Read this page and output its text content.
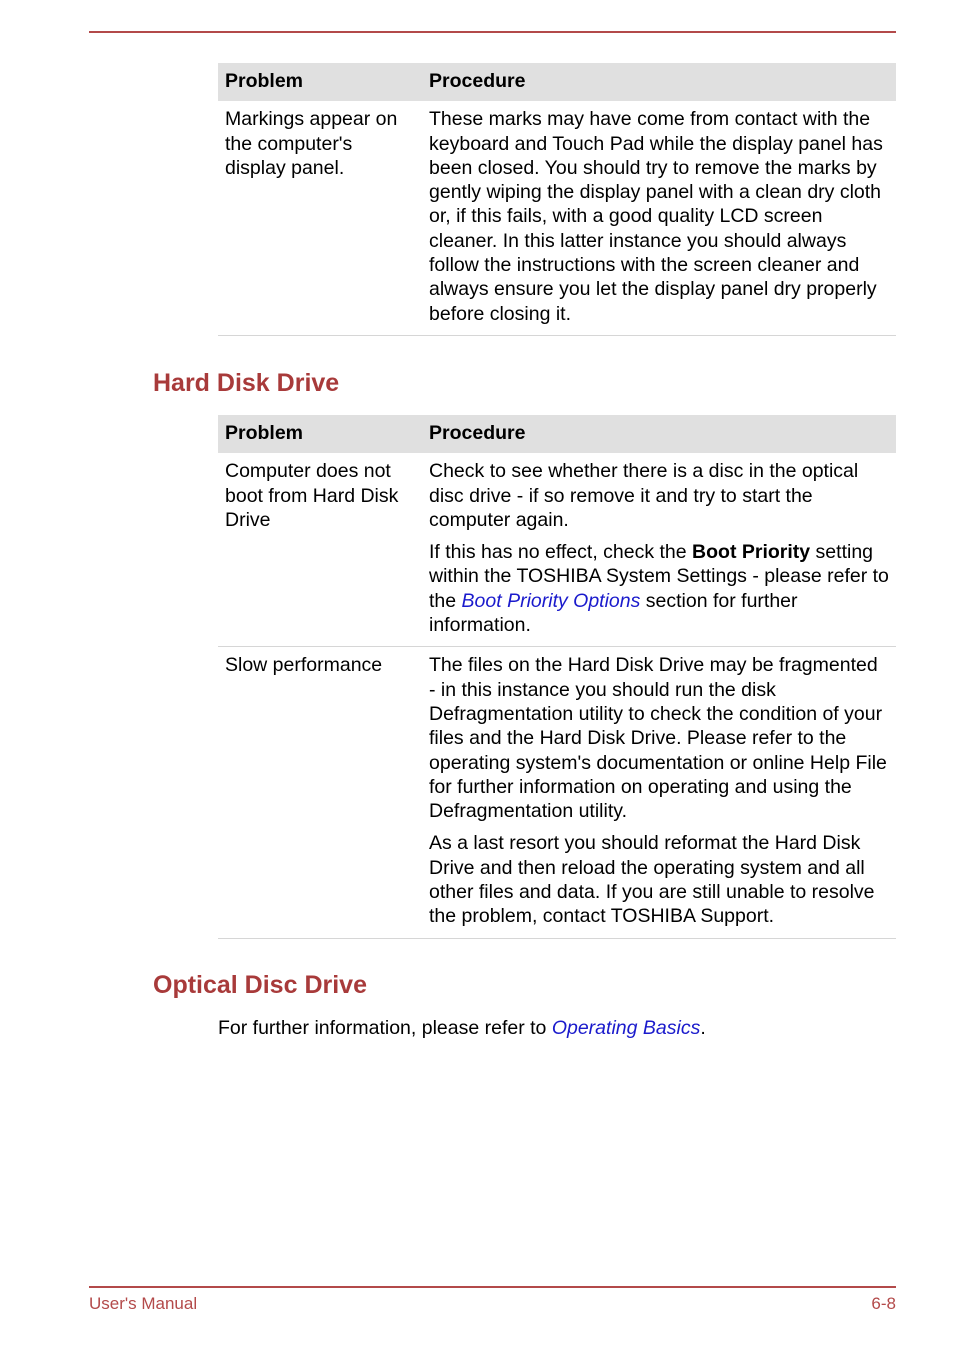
Problem	Procedure
Markings appear on the computer's display panel.	These marks may have come from contact with the keyboard and Touch Pad while the display panel has been closed. You should try to remove the marks by gently wiping the display panel with a clean dry cloth or, if this fails, with a good quality LCD screen cleaner. In this latter instance you should always follow the instructions with the screen cleaner and always ensure you let the display panel dry properly before closing it.
Hard Disk Drive
Problem	Procedure
Computer does not boot from Hard Disk Drive	Check to see whether there is a disc in the optical disc drive - if so remove it and try to start the computer again.

If this has no effect, check the Boot Priority setting within the TOSHIBA System Settings - please refer to the Boot Priority Options section for further information.

Slow performance	The files on the Hard Disk Drive may be fragmented - in this instance you should run the disk Defragmentation utility to check the condition of your files and the Hard Disk Drive. Please refer to the operating system's documentation or online Help File for further information on operating and using the Defragmentation utility.

As a last resort you should reformat the Hard Disk Drive and then reload the operating system and all other files and data. If you are still unable to resolve the problem, contact TOSHIBA Support.

Optical Disc Drive

For further information, please refer to Operating Basics.

User's Manual	6-8
